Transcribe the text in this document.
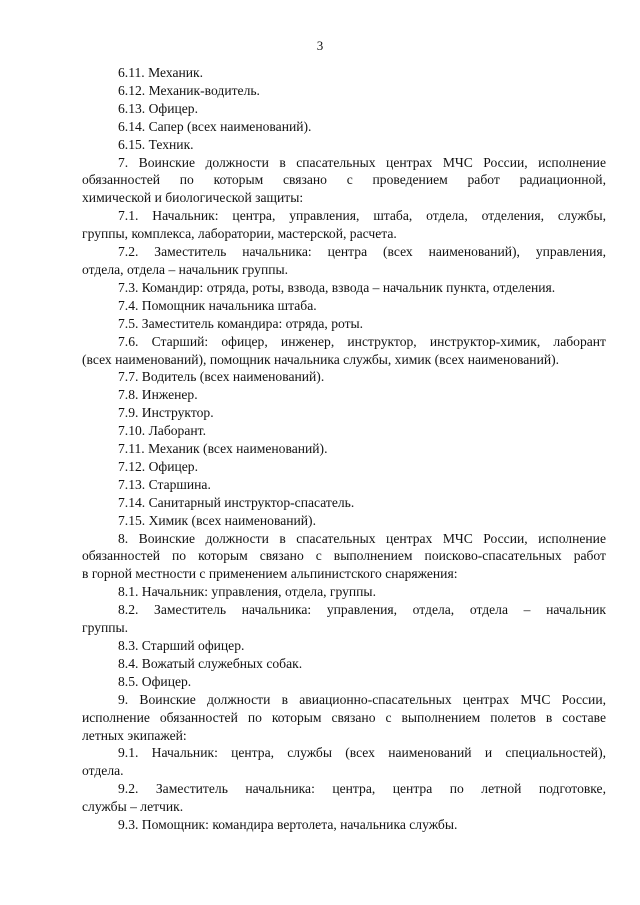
3
6.11. Механик.
6.12. Механик-водитель.
6.13. Офицер.
6.14. Сапер (всех наименований).
6.15. Техник.
7. Воинские должности в спасательных центрах МЧС России, исполнение
обязанностей по которым связано с проведением работ радиационной,
химической и биологической защиты:
7.1. Начальник: центра, управления, штаба, отдела, отделения, службы,
группы, комплекса, лаборатории, мастерской, расчета.
7.2. Заместитель начальника: центра (всех наименований), управления,
отдела, отдела – начальник группы.
7.3. Командир: отряда, роты, взвода, взвода – начальник пункта, отделения.
7.4. Помощник начальника штаба.
7.5. Заместитель командира: отряда, роты.
7.6. Старший: офицер, инженер, инструктор, инструктор-химик, лаборант
(всех наименований), помощник начальника службы, химик (всех наименований).
7.7. Водитель (всех наименований).
7.8. Инженер.
7.9. Инструктор.
7.10. Лаборант.
7.11. Механик (всех наименований).
7.12. Офицер.
7.13. Старшина.
7.14. Санитарный инструктор-спасатель.
7.15. Химик (всех наименований).
8. Воинские должности в спасательных центрах МЧС России, исполнение
обязанностей по которым связано с выполнением поисково-спасательных работ
в горной местности с применением альпинистского снаряжения:
8.1. Начальник: управления, отдела, группы.
8.2. Заместитель начальника: управления, отдела, отдела – начальник
группы.
8.3. Старший офицер.
8.4. Вожатый служебных собак.
8.5. Офицер.
9. Воинские должности в авиационно-спасательных центрах МЧС России,
исполнение обязанностей по которым связано с выполнением полетов в составе
летных экипажей:
9.1. Начальник: центра, службы (всех наименований и специальностей),
отдела.
9.2. Заместитель начальника: центра, центра по летной подготовке,
службы – летчик.
9.3. Помощник: командира вертолета, начальника службы.
